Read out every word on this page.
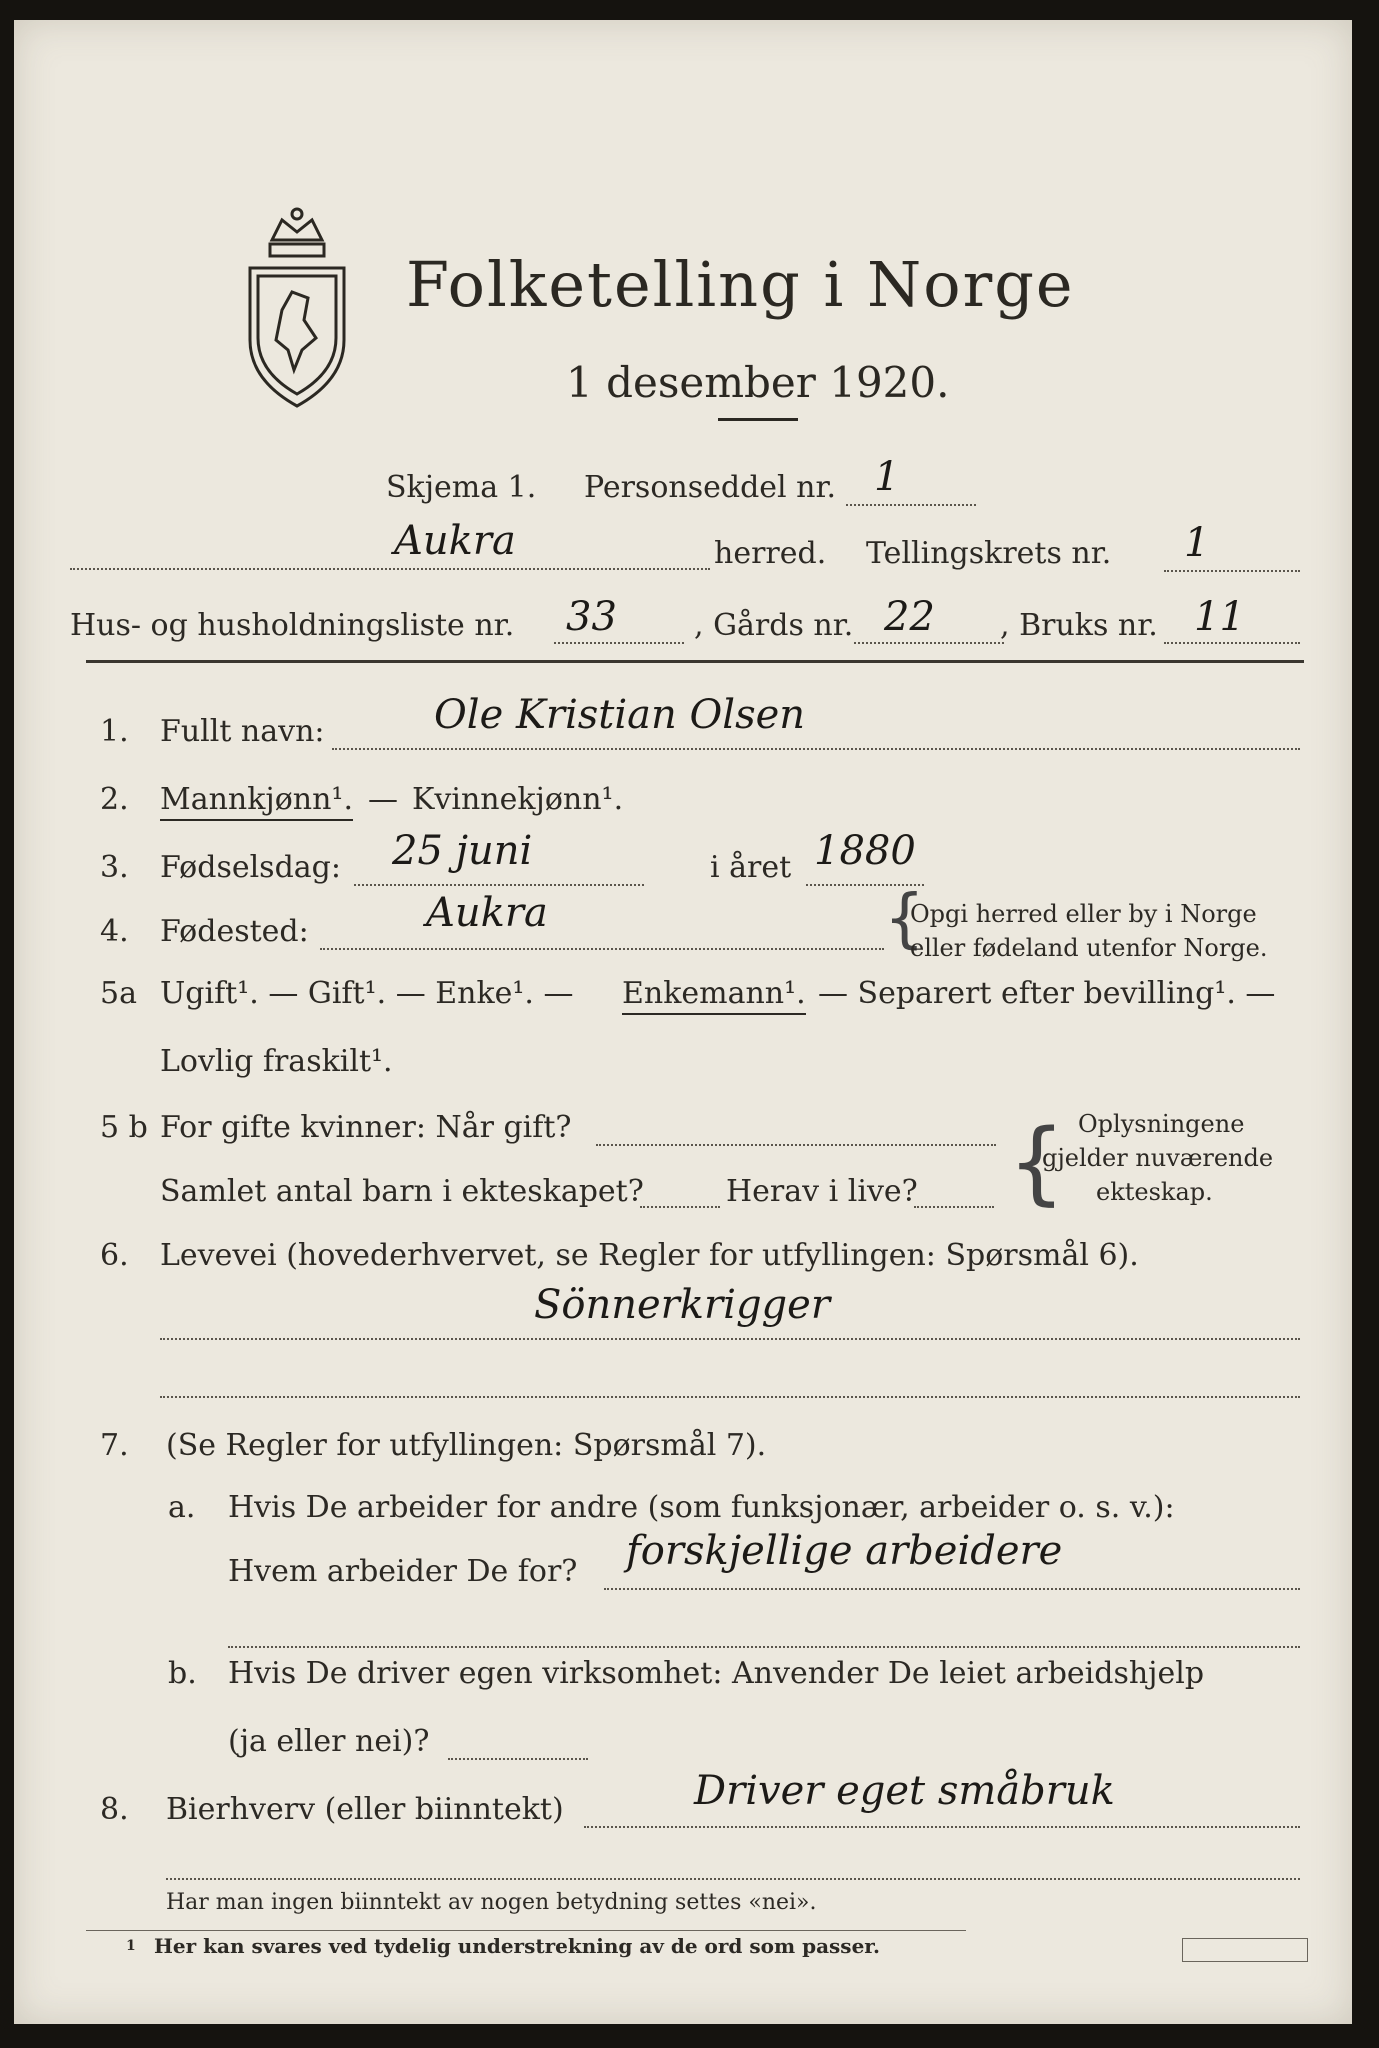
Folketelling i Norge
1 desember 1920.
Skjema 1. Personseddel nr. 1
Aukra	herred. Tellingskrets nr. 1
Hus- og husholdningsliste nr. 33	, Gårds nr. 22 , Bruks nr. 11
1. Fullt navn:	Ole Kristian Olsen
2. Mannkjønn¹. — Kvinnekjønn¹.
3. Fødselsdag: 25 juni	i året 1880
4. Fødested:	Aukra	{
Opgi herred eller by i Norge
eller fødeland utenfor Norge.
5a Ugift¹. — Gift¹. — Enke¹. — Enkemann¹. — Separert efter bevilling¹. —
Lovlig fraskilt¹.
5 b For gifte kvinner: Når gift?
Samlet antal barn i ekteskapet?	Herav i live? { Oplysningene
gjelder nuværende
ekteskap.
6. Levevei (hovederhvervet, se Regler for utfyllingen: Spørsmål 6).
Sönnerkrigger
7. (Se Regler for utfyllingen: Spørsmål 7).
a. Hvis De arbeider for andre (som funksjonær, arbeider o. s. v.):
Hvem arbeider De for? forskjellige arbeidere
b. Hvis De driver egen virksomhet: Anvender De leiet arbeidshjelp
(ja eller nei)?
8. Bierhverv (eller biinntekt)	Driver eget småbruk
Har man ingen biinntekt av nogen betydning settes «nei».
1 Her kan svares ved tydelig understrekning av de ord som passer.
